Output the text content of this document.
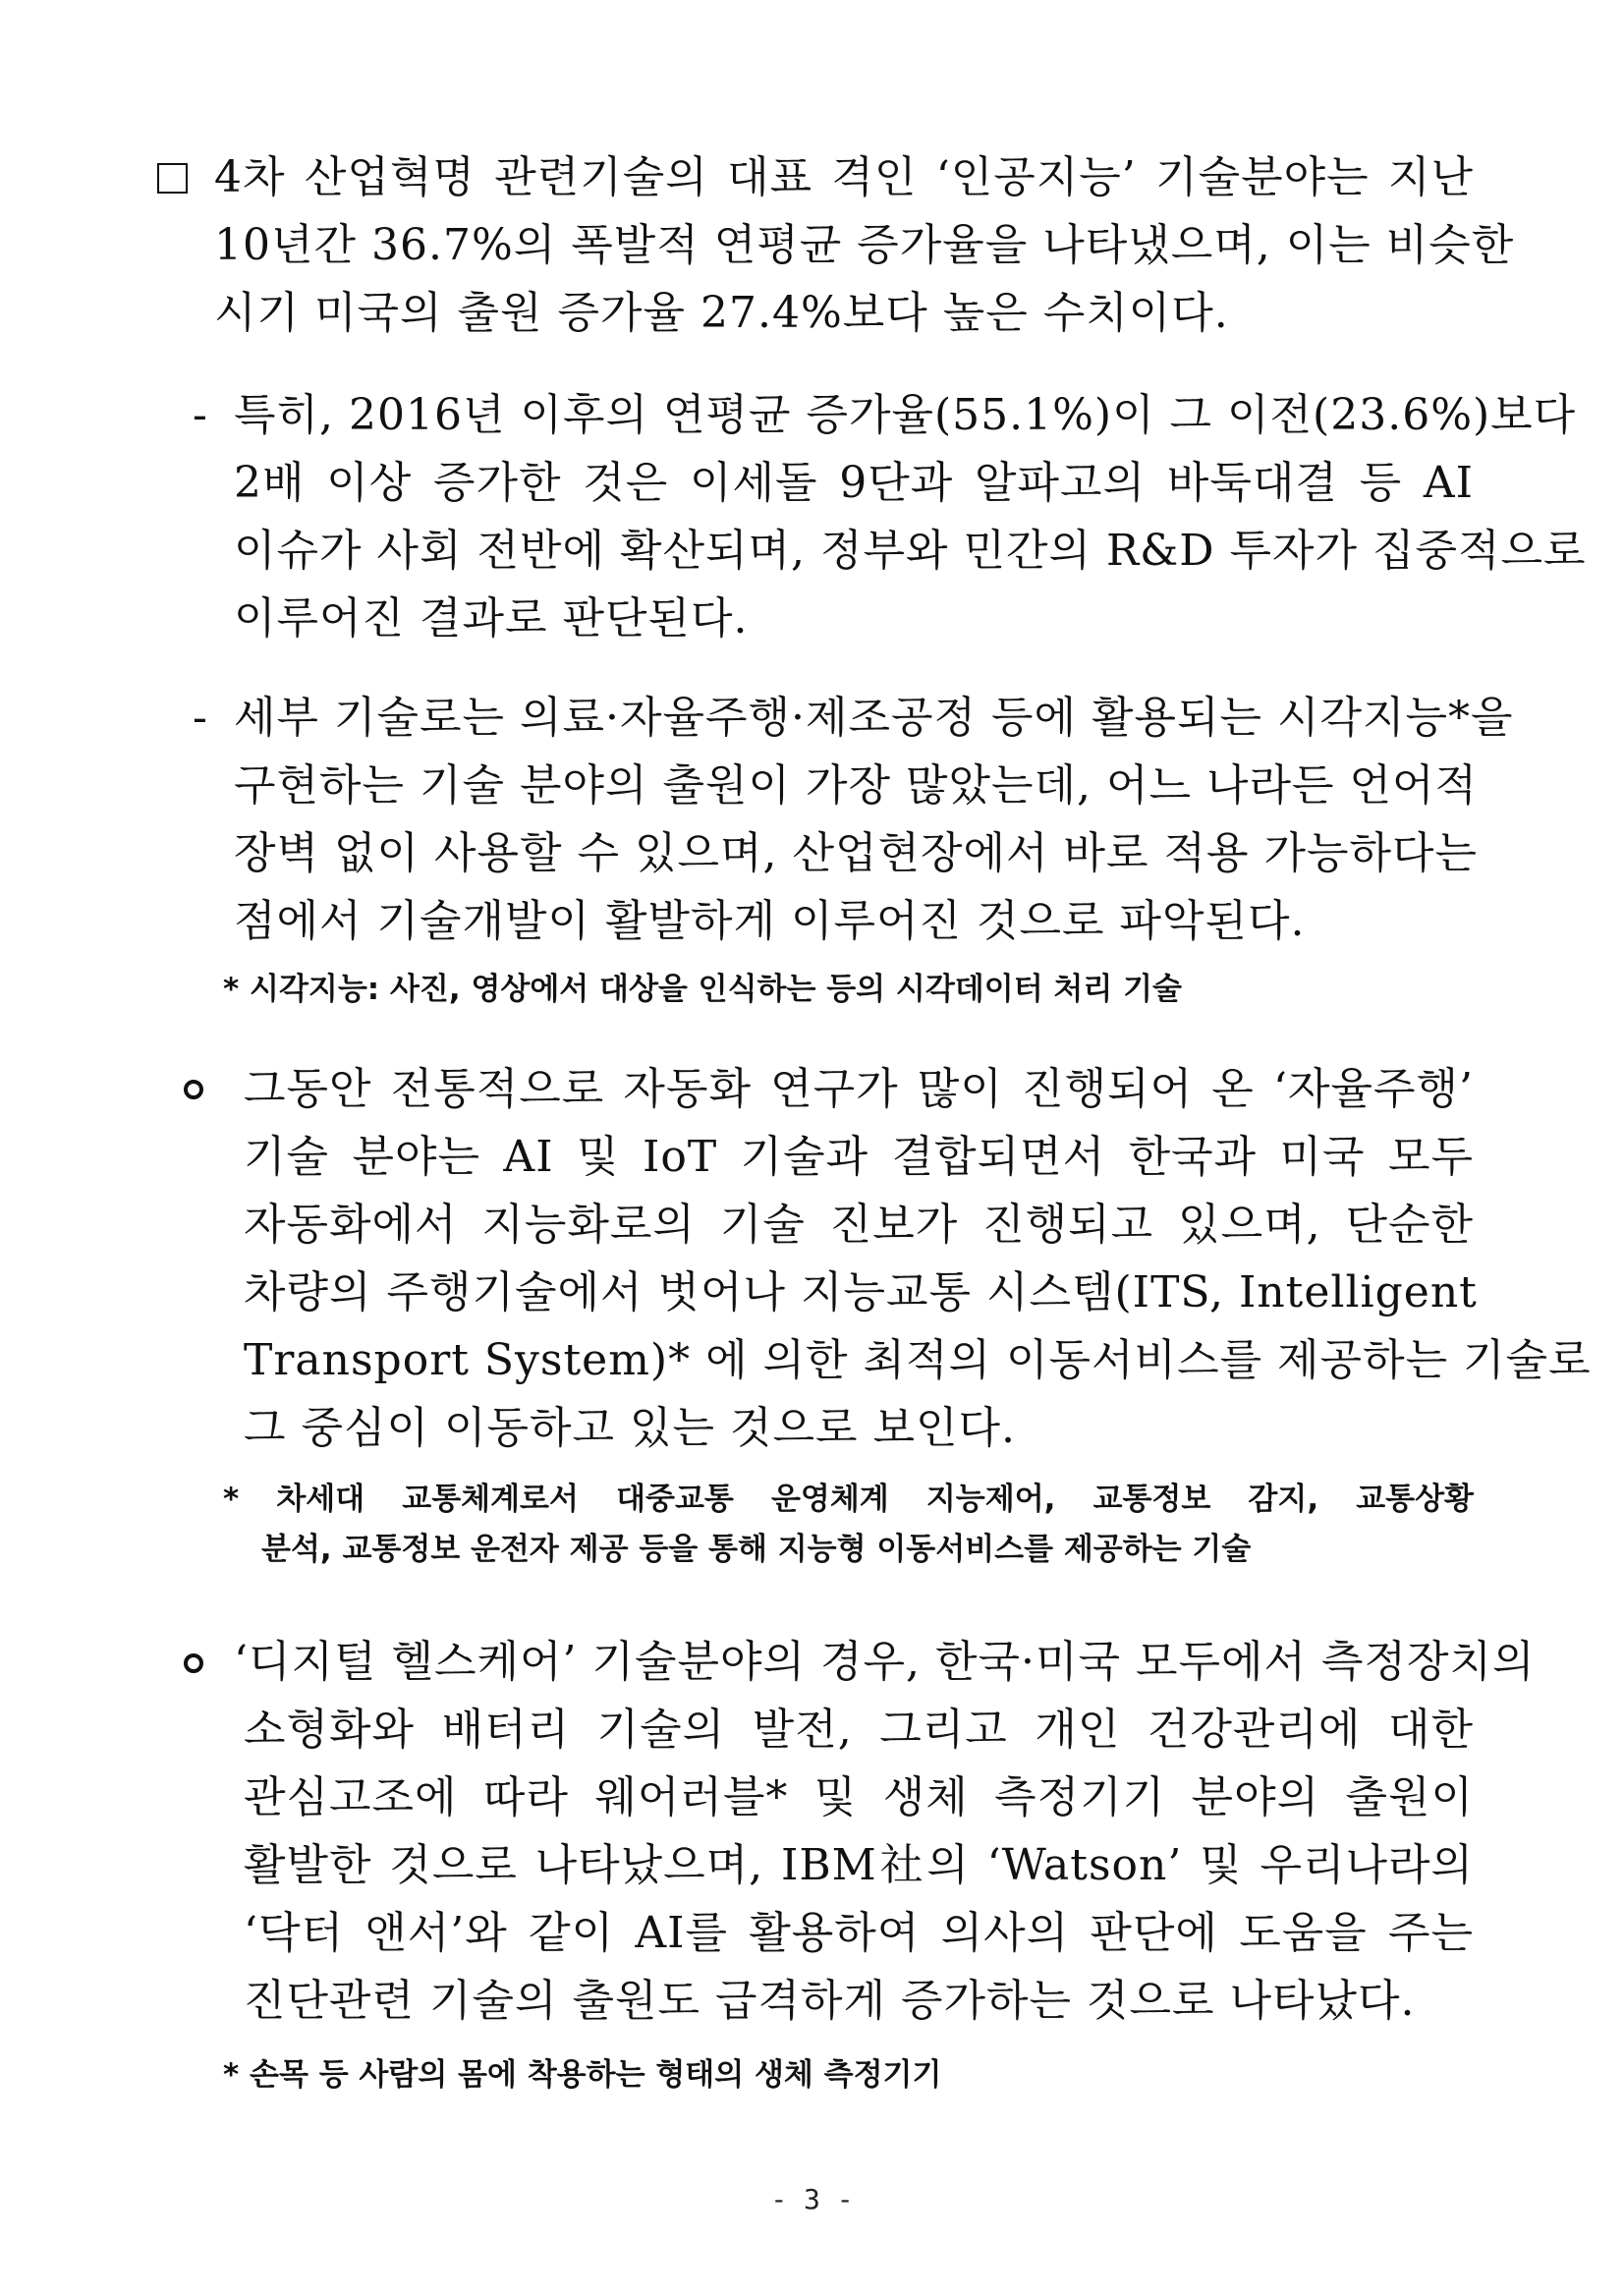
4차 산업혁명 관련기술의 대표 격인 ‘인공지능’ 기술분야는 지난
10년간 36.7%의 폭발적 연평균 증가율을 나타냈으며, 이는 비슷한
시기 미국의 출원 증가율 27.4%보다 높은 수치이다.
- 특히, 2016년 이후의 연평균 증가율(55.1%)이 그 이전(23.6%)보다
2배 이상 증가한 것은 이세돌 9단과 알파고의 바둑대결 등 AI
이슈가 사회 전반에 확산되며, 정부와 민간의 R&D 투자가 집중적으로
이루어진 결과로 판단된다.
- 세부 기술로는 의료·자율주행·제조공정 등에 활용되는 시각지능*을
구현하는 기술 분야의 출원이 가장 많았는데, 어느 나라든 언어적
장벽 없이 사용할 수 있으며, 산업현장에서 바로 적용 가능하다는
점에서 기술개발이 활발하게 이루어진 것으로 파악된다.
* 시각지능: 사진, 영상에서 대상을 인식하는 등의 시각데이터 처리 기술
그동안 전통적으로 자동화 연구가 많이 진행되어 온 ‘자율주행’
기술 분야는 AI 및 IoT 기술과 결합되면서 한국과 미국 모두
자동화에서 지능화로의 기술 진보가 진행되고 있으며, 단순한
차량의 주행기술에서 벗어나 지능교통 시스템(ITS, Intelligent
Transport System)* 에 의한 최적의 이동서비스를 제공하는 기술로
그 중심이 이동하고 있는 것으로 보인다.
* 차세대 교통체계로서 대중교통 운영체계 지능제어, 교통정보 감지, 교통상황
분석, 교통정보 운전자 제공 등을 통해 지능형 이동서비스를 제공하는 기술
‘디지털 헬스케어’ 기술분야의 경우, 한국·미국 모두에서 측정장치의
소형화와 배터리 기술의 발전, 그리고 개인 건강관리에 대한
관심고조에 따라 웨어러블* 및 생체 측정기기 분야의 출원이
활발한 것으로 나타났으며, IBM社의 ‘Watson’ 및 우리나라의
‘닥터 앤서’와 같이 AI를 활용하여 의사의 판단에 도움을 주는
진단관련 기술의 출원도 급격하게 증가하는 것으로 나타났다.
* 손목 등 사람의 몸에 착용하는 형태의 생체 측정기기
- 3 -
